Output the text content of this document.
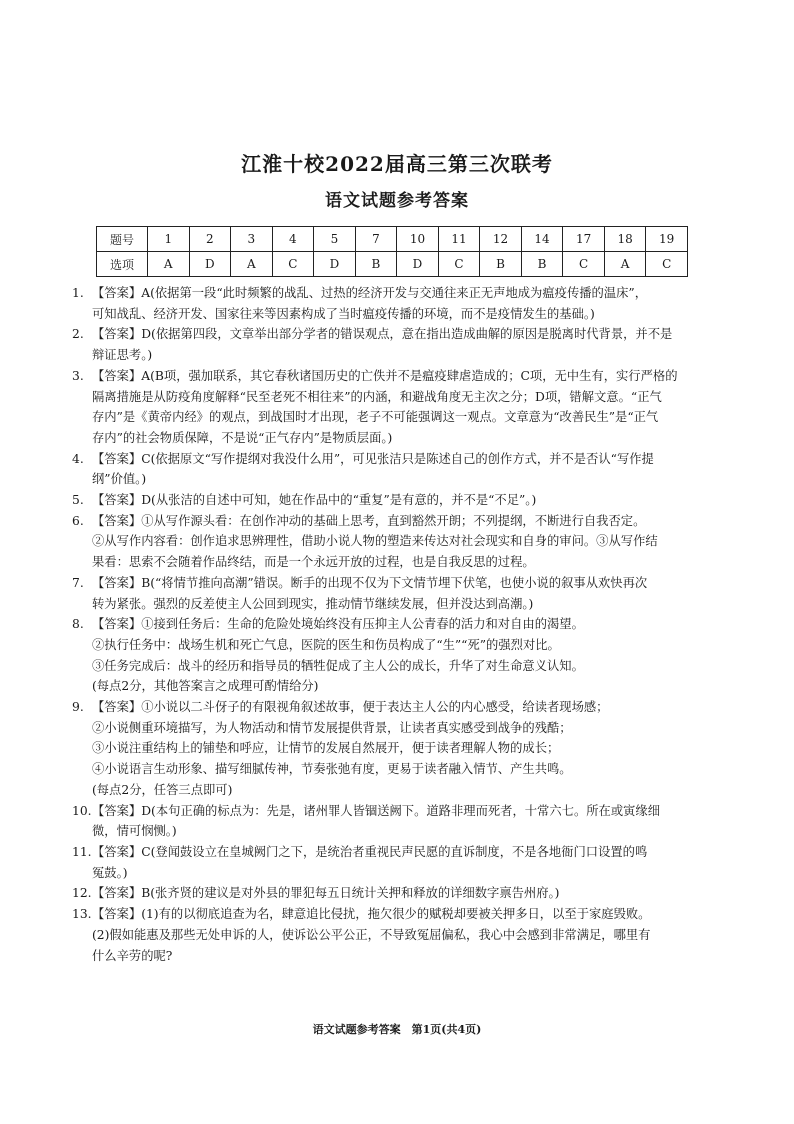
江淮十校2022届高三第三次联考
语文试题参考答案
题号	1	2	3	4	5	7	10	11	12	14	17	18	19
选项	A	D	A	C	D	B	D	C	B	B	C	A	C
1. 【答案】A(依据第一段“此时频繁的战乱、过热的经济开发与交通往来正无声地成为瘟疫传播的温床”，
可知战乱、经济开发、国家往来等因素构成了当时瘟疫传播的环境，而不是疫情发生的基础。)
2. 【答案】D(依据第四段，文章举出部分学者的错误观点，意在指出造成曲解的原因是脱离时代背景，并不是
辩证思考。)
3. 【答案】A(B项，强加联系，其它春秋诸国历史的亡佚并不是瘟疫肆虐造成的；C项，无中生有，实行严格的
隔离措施是从防疫角度解释“民至老死不相往来”的内涵，和避战角度无主次之分；D项，错解文意。“正气
存内”是《黄帝内经》的观点，到战国时才出现，老子不可能强调这一观点。文章意为“改善民生”是“正气
存内”的社会物质保障，不是说“正气存内”是物质层面。)
4. 【答案】C(依据原文“写作提纲对我没什么用”，可见张洁只是陈述自己的创作方式，并不是否认“写作提
纲”价值。)
5. 【答案】D(从张洁的自述中可知，她在作品中的“重复”是有意的，并不是“不足”。)
6. 【答案】①从写作源头看：在创作冲动的基础上思考，直到豁然开朗；不列提纲，不断进行自我否定。
②从写作内容看：创作追求思辨理性，借助小说人物的塑造来传达对社会现实和自身的审问。③从写作结
果看：思索不会随着作品终结，而是一个永远开放的过程，也是自我反思的过程。
7. 【答案】B(“将情节推向高潮”错误。断手的出现不仅为下文情节埋下伏笔，也使小说的叙事从欢快再次
转为紧张。强烈的反差使主人公回到现实，推动情节继续发展，但并没达到高潮。)
8. 【答案】①接到任务后：生命的危险处境始终没有压抑主人公青春的活力和对自由的渴望。
②执行任务中：战场生机和死亡气息，医院的医生和伤员构成了“生”“死”的强烈对比。
③任务完成后：战斗的经历和指导员的牺牲促成了主人公的成长，升华了对生命意义认知。
(每点2分，其他答案言之成理可酌情给分)
9. 【答案】①小说以二斗伢子的有限视角叙述故事，便于表达主人公的内心感受，给读者现场感；
②小说侧重环境描写，为人物活动和情节发展提供背景，让读者真实感受到战争的残酷；
③小说注重结构上的铺垫和呼应，让情节的发展自然展开，便于读者理解人物的成长；
④小说语言生动形象、描写细腻传神，节奏张弛有度，更易于读者融入情节、产生共鸣。
(每点2分，任答三点即可)
10. 【答案】D(本句正确的标点为：先是，诸州罪人皆锢送阙下。道路非理而死者，十常六七。所在或寅缘细
微，情可悯恻。)
11. 【答案】C(登闻鼓设立在皇城阙门之下，是统治者重视民声民愿的直诉制度，不是各地衙门口设置的鸣
冤鼓。)
12. 【答案】B(张齐贤的建议是对外县的罪犯每五日统计关押和释放的详细数字禀告州府。)
13. 【答案】(1)有的以彻底追查为名，肆意追比侵扰，拖欠很少的赋税却要被关押多日，以至于家庭毁败。
(2)假如能惠及那些无处申诉的人，使诉讼公平公正，不导致冤屈偏私，我心中会感到非常满足，哪里有
什么辛劳的呢?
语文试题参考答案　第1页(共4页)
